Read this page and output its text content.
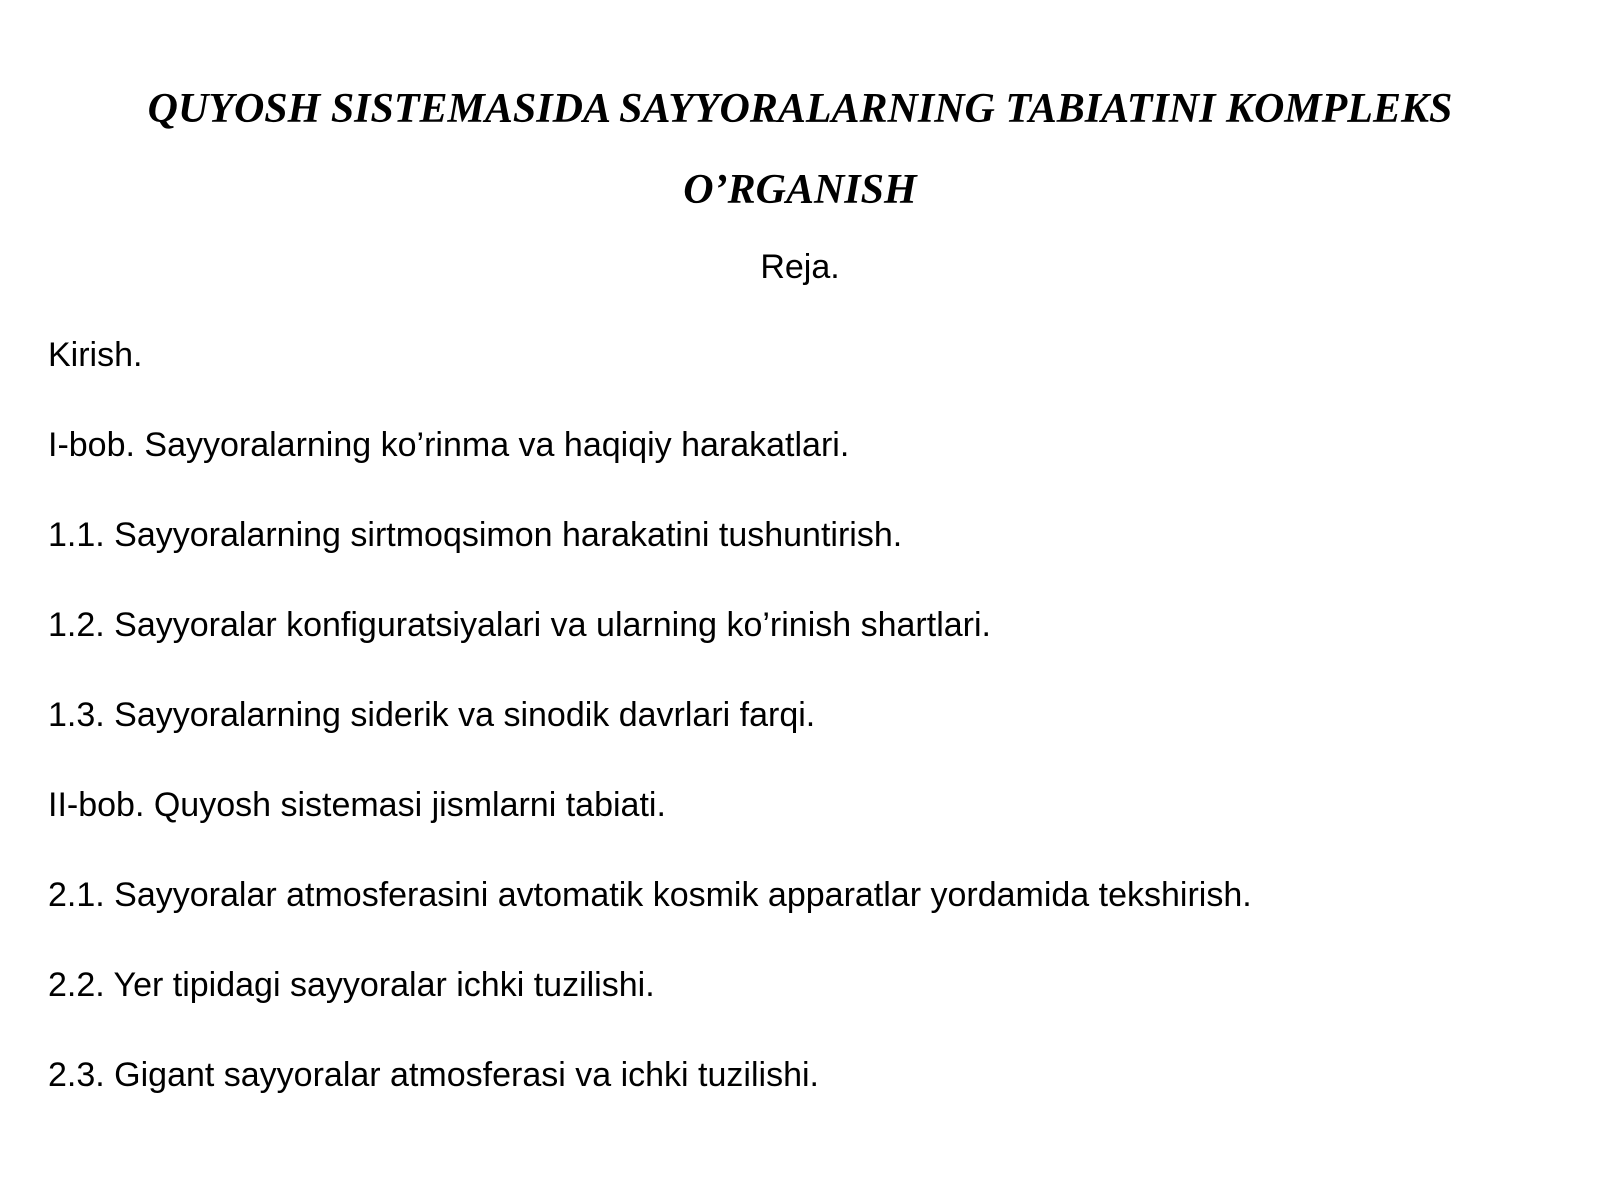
QUYOSH SISTEMASIDA SAYYORALARNING TABIATINI KOMPLEKS
O’RGANISH

Reja.

Kirish.
I-bob. Sayyoralarning ko’rinma va haqiqiy harakatlari.
1.1. Sayyoralarning sirtmoqsimon harakatini tushuntirish.
1.2. Sayyoralar konfiguratsiyalari va ularning ko’rinish shartlari.
1.3. Sayyoralarning siderik va sinodik davrlari farqi.
II-bob. Quyosh sistemasi jismlarni tabiati.
2.1. Sayyoralar atmosferasini avtomatik kosmik apparatlar yordamida tekshirish.
2.2. Yer tipidagi sayyoralar ichki tuzilishi.
2.3. Gigant sayyoralar atmosferasi va ichki tuzilishi.
